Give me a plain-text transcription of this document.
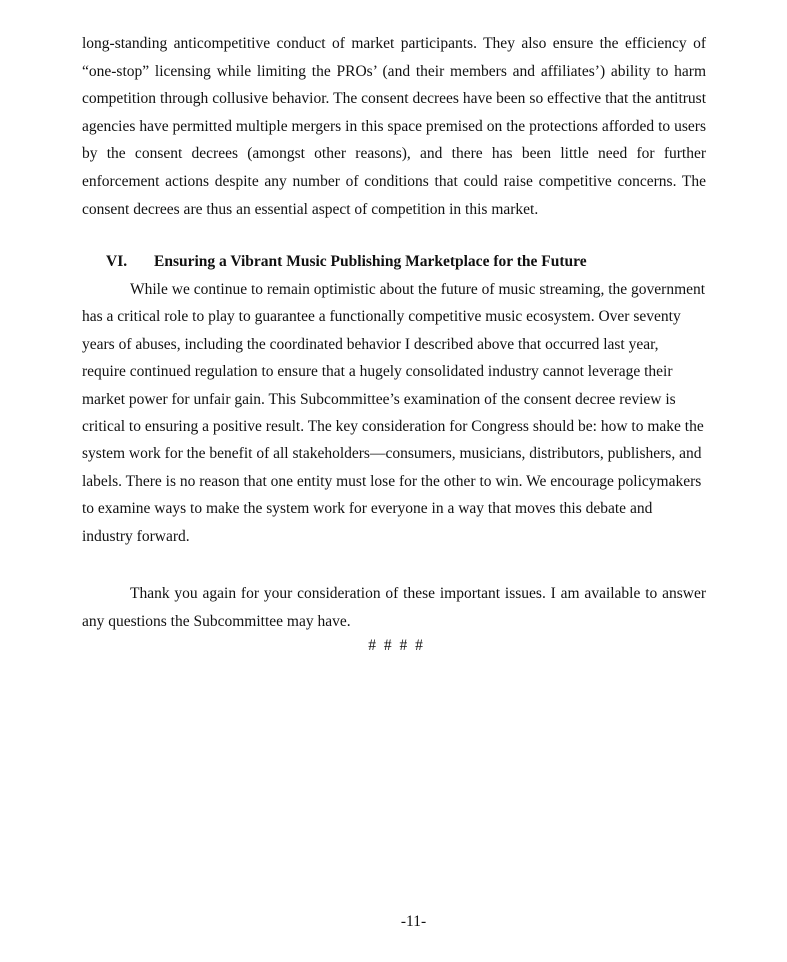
long-standing anticompetitive conduct of market participants. They also ensure the efficiency of “one-stop” licensing while limiting the PROs’ (and their members and affiliates’) ability to harm competition through collusive behavior. The consent decrees have been so effective that the antitrust agencies have permitted multiple mergers in this space premised on the protections afforded to users by the consent decrees (amongst other reasons), and there has been little need for further enforcement actions despite any number of conditions that could raise competitive concerns. The consent decrees are thus an essential aspect of competition in this market.

VI. Ensuring a Vibrant Music Publishing Marketplace for the Future

While we continue to remain optimistic about the future of music streaming, the government has a critical role to play to guarantee a functionally competitive music ecosystem. Over seventy years of abuses, including the coordinated behavior I described above that occurred last year, require continued regulation to ensure that a hugely consolidated industry cannot leverage their market power for unfair gain. This Subcommittee’s examination of the consent decree review is critical to ensuring a positive result. The key consideration for Congress should be: how to make the system work for the benefit of all stakeholders—consumers, musicians, distributors, publishers, and labels. There is no reason that one entity must lose for the other to win. We encourage policymakers to examine ways to make the system work for everyone in a way that moves this debate and industry forward.

Thank you again for your consideration of these important issues. I am available to answer any questions the Subcommittee may have.

# # # #
-11-
